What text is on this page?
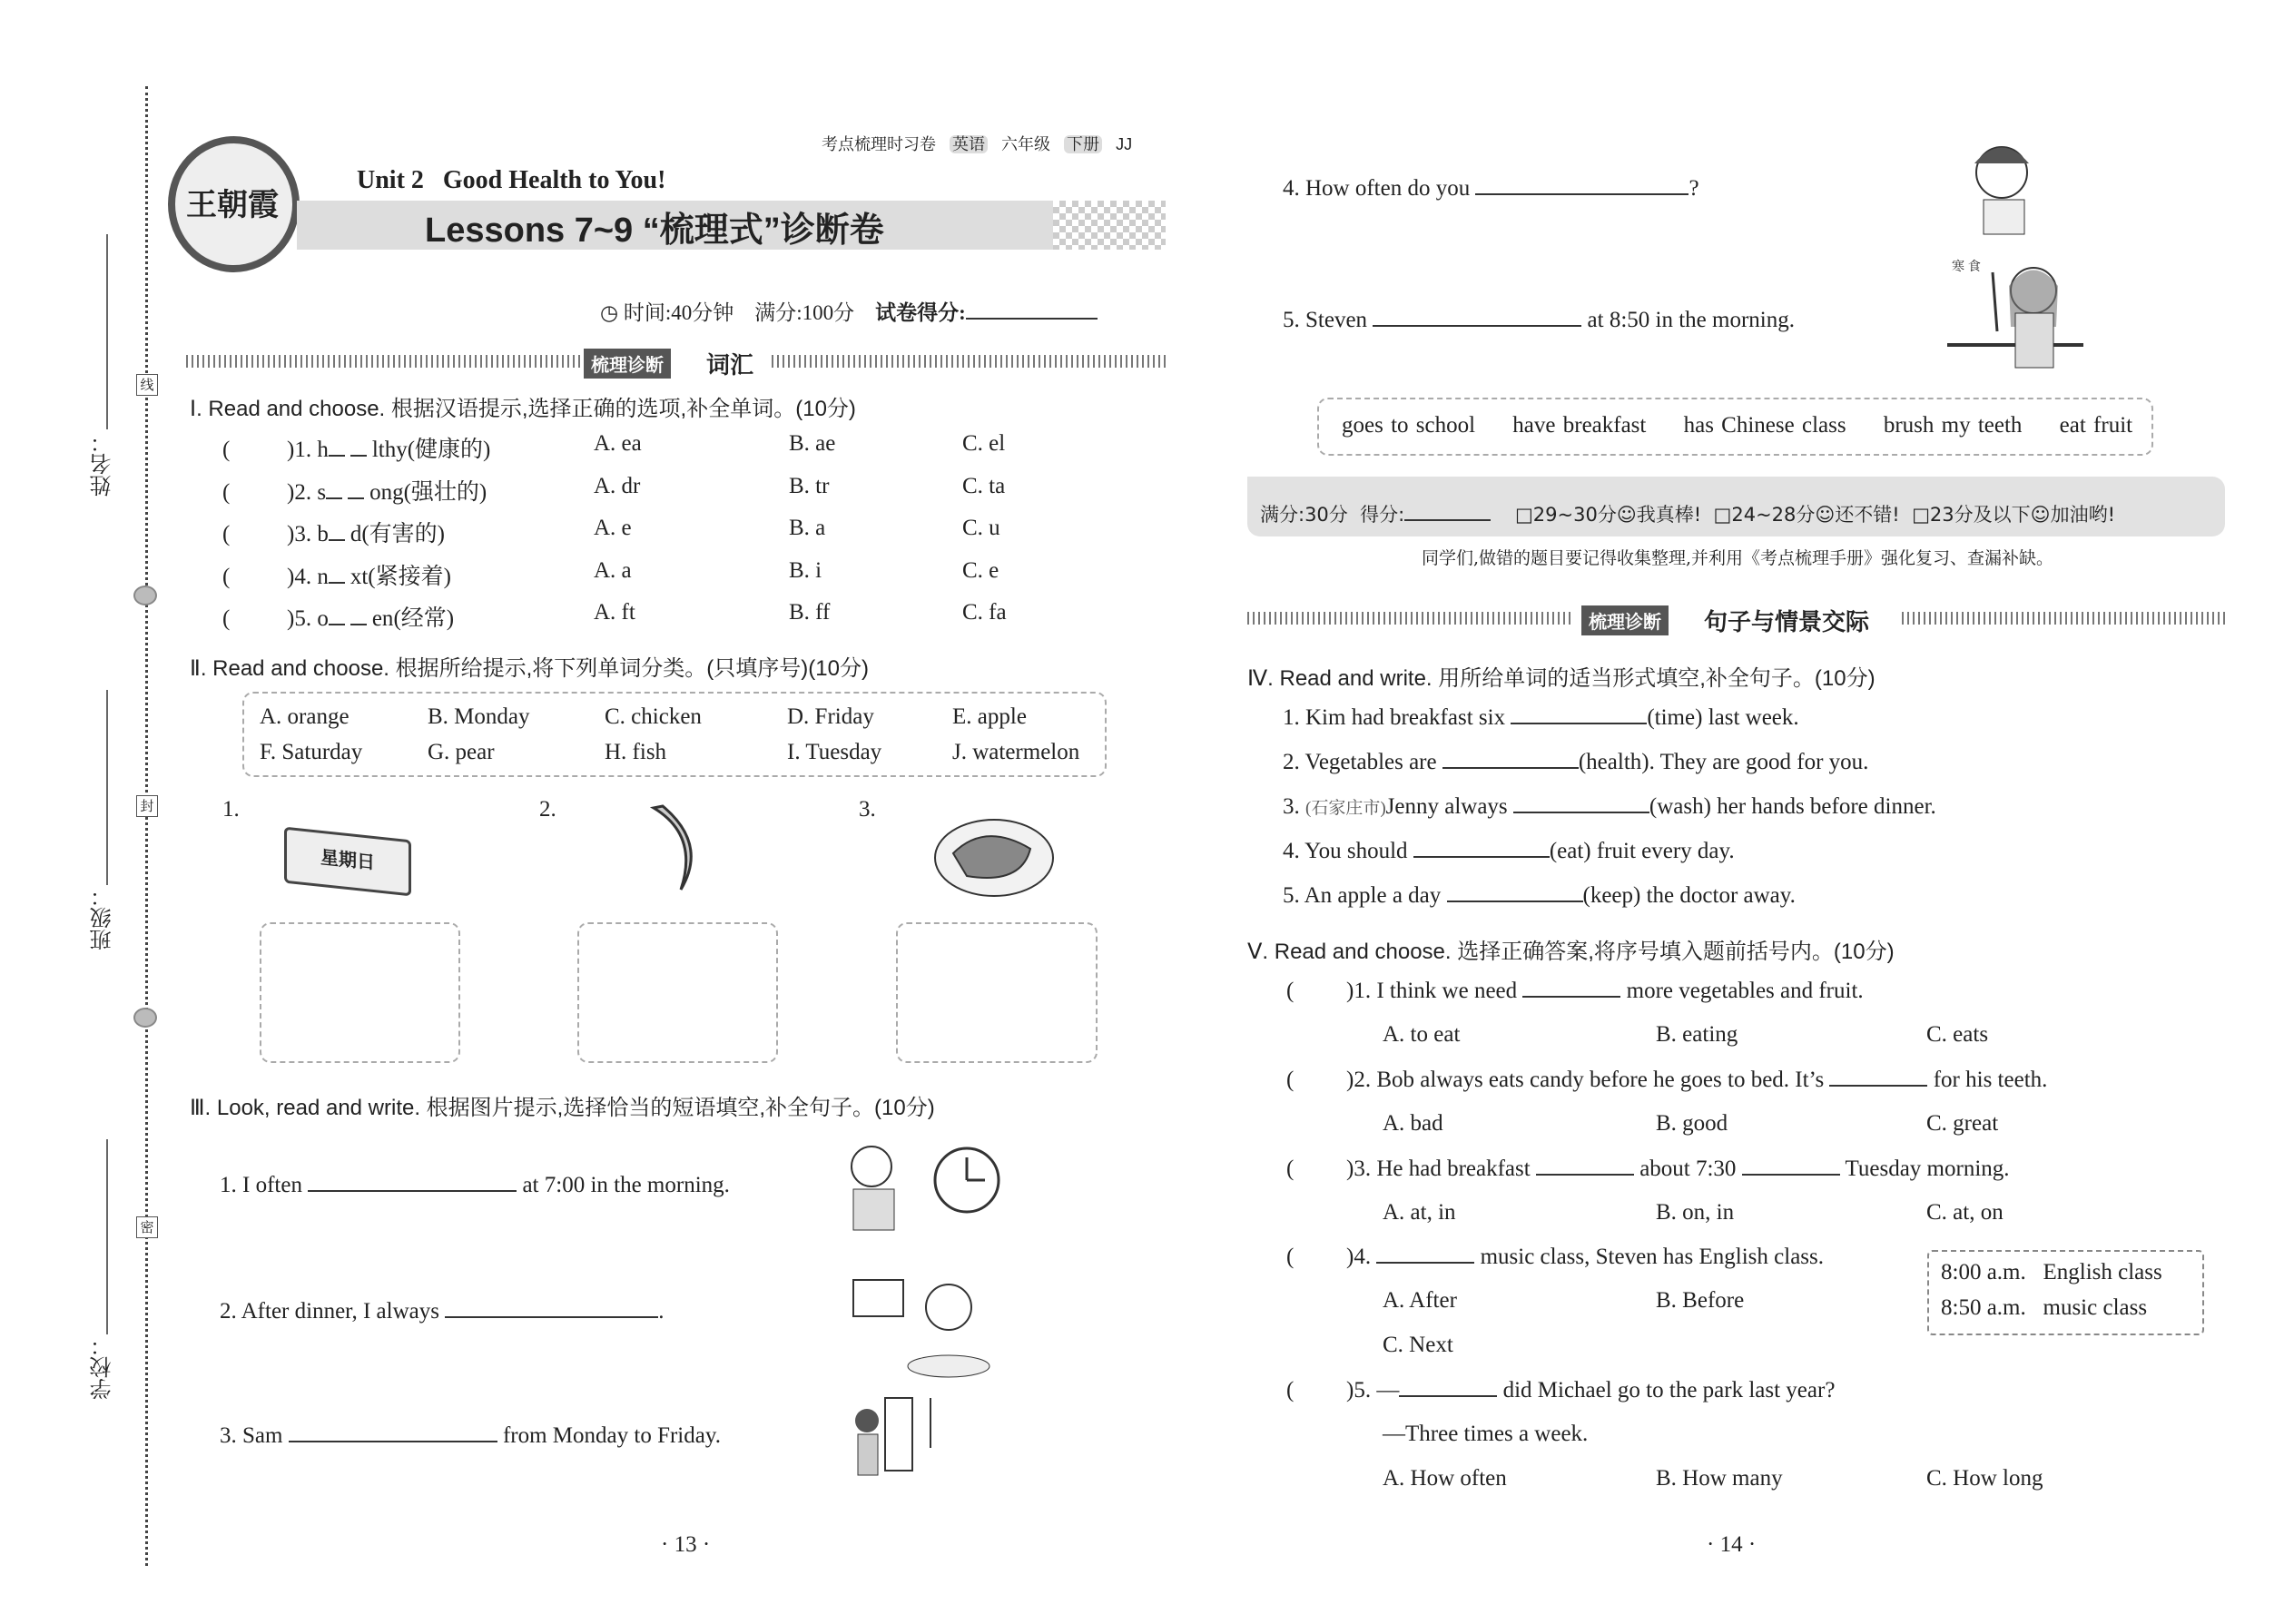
姓名：
班级：
学校：
线
封
密
王朝霞
考点梳理时习卷 英语 六年级 下册 JJ
Unit 2   Good Health to You!
Lessons 7~9 “梳理式”诊断卷
◷ 时间:40分钟 满分:100分 试卷得分:
梳理诊断	词汇
Ⅰ. Read and choose. 根据汉语提示,选择正确的选项,补全单词。(10分)
(	)1. h lthy(健康的)	A. ea	B. ae	C. el
(	)2. s ong(强壮的)	A. dr	B. tr	C. ta
(	)3. b d(有害的)	A. e	B. a	C. u
(	)4. n xt(紧接着)	A. a	B. i	C. e
(	)5. o en(经常)	A. ft	B. ff	C. fa
Ⅱ. Read and choose. 根据所给提示,将下列单词分类。(只填序号)(10分)
A. orange	B. Monday	C. chicken	D. Friday	E. apple
F. Saturday	G. pear	H. fish	I. Tuesday	J. watermelon
1.	2.	3.
星期日
Ⅲ. Look, read and write. 根据图片提示,选择恰当的短语填空,补全句子。(10分)
1. I often	at 7:00 in the morning.
2. After dinner, I always	.
3. Sam	from Monday to Friday.
· 13 ·
4. How often do you	?
5. Steven	at 8:50 in the morning.
寒 食
goes to school have breakfast has Chinese class brush my teeth eat fruit
满分:30分 得分:	□29~30分☺我真棒! □24~28分☺还不错! □23分及以下☺加油哟!
同学们,做错的题目要记得收集整理,并利用《考点梳理手册》强化复习、查漏补缺。
梳理诊断	句子与情景交际
Ⅳ. Read and write. 用所给单词的适当形式填空,补全句子。(10分)
1. Kim had breakfast six	(time) last week.
2. Vegetables are	(health). They are good for you.
3. (石家庄市)Jenny always	(wash) her hands before dinner.
4. You should	(eat) fruit every day.
5. An apple a day	(keep) the doctor away.
Ⅴ. Read and choose. 选择正确答案,将序号填入题前括号内。(10分)
( )1. I think we need	more vegetables and fruit.
A. to eat	B. eating	C. eats
( )2. Bob always eats candy before he goes to bed. It’s	for his teeth.
A. bad	B. good	C. great
( )3. He had breakfast	about 7:30	Tuesday morning.
A. at, in	B. on, in	C. at, on
( )4.	music class, Steven has English class.
A. After	B. Before
C. Next
( )5. —	did Michael go to the park last year?
—Three times a week.
A. How often	B. How many	C. How long
8:00 a.m. English class
8:50 a.m. music class
· 14 ·
